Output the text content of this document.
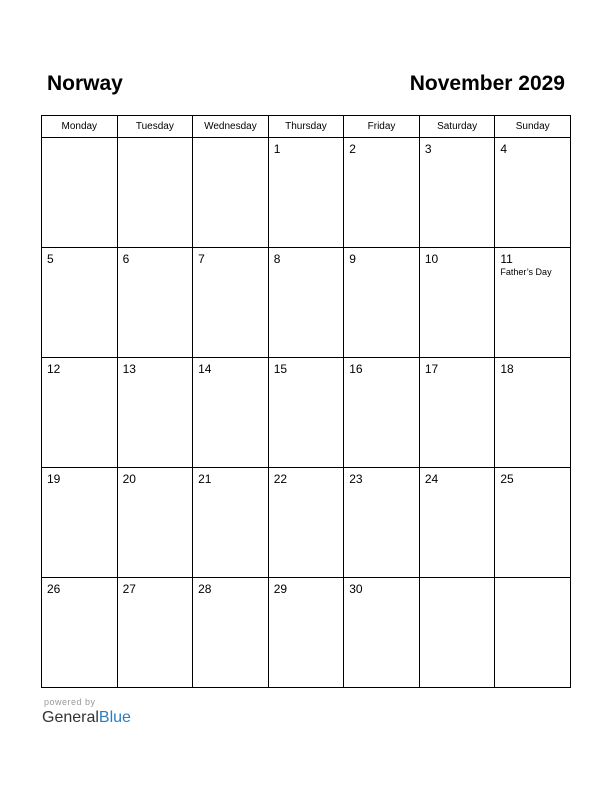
Norway	November 2029
Monday	Tuesday	Wednesday	Thursday	Friday	Saturday	Sunday

			1	2	3	4

5	6	7	8	9	10	11
Father’s Day

12	13	14	15	16	17	18

19	20	21	22	23	24	25

26	27	28	29	30		

powered by
GeneralBlue
